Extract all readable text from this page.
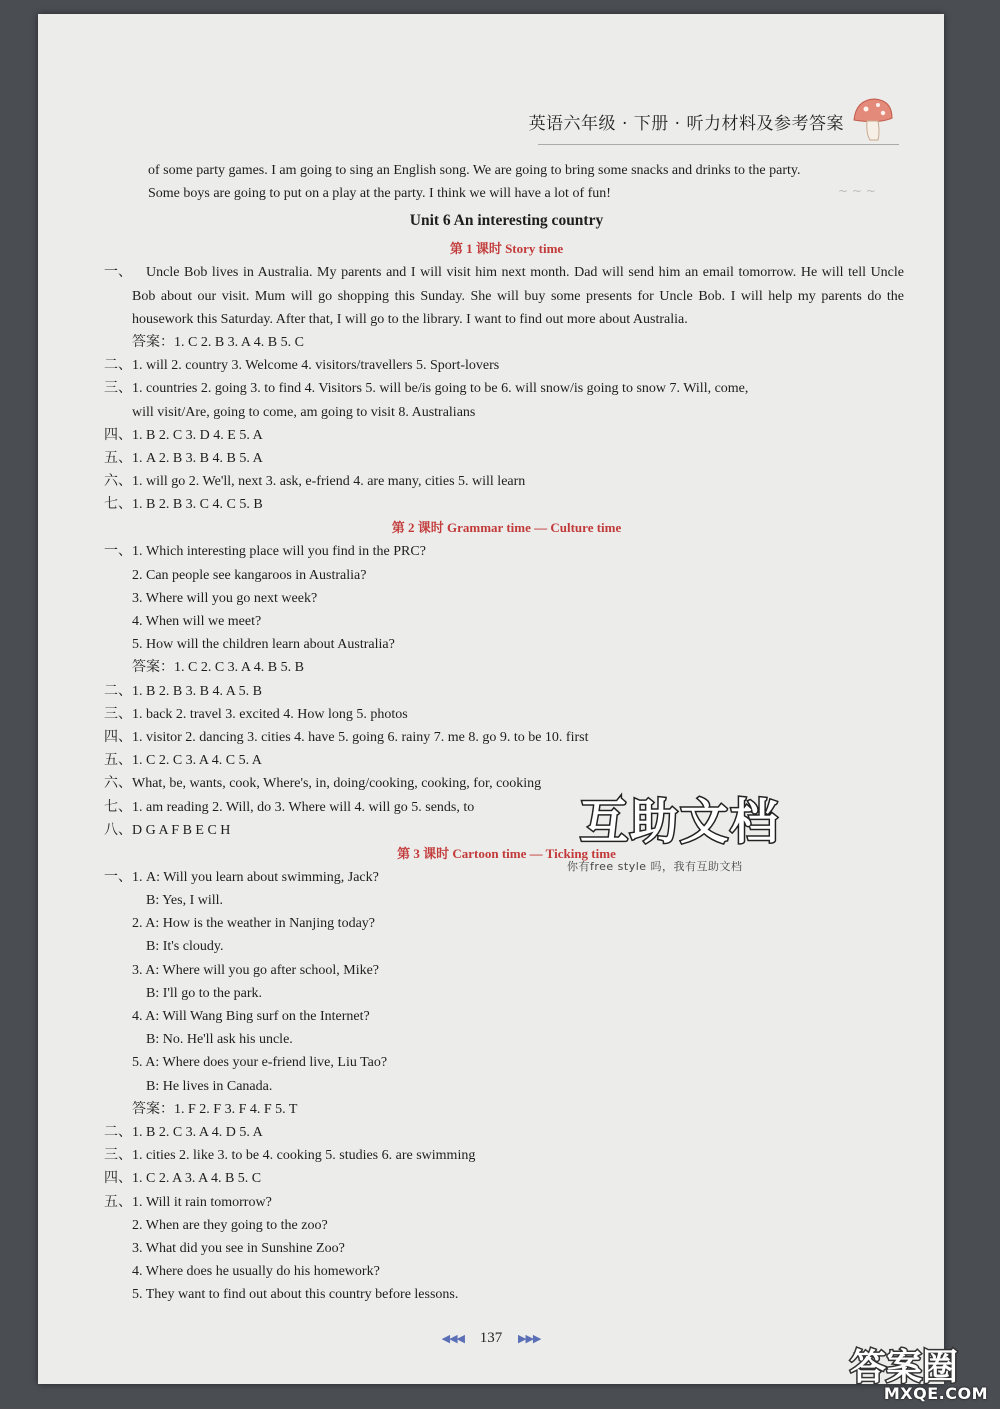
英语六年级 · 下册 · 听力材料及参考答案
~ ~ ~
of some party games. I am going to sing an English song. We are going to bring some snacks and drinks to the party.
Some boys are going to put on a play at the party. I think we will have a lot of fun!
Unit 6 An interesting country
第 1 课时 Story time
一、	Uncle Bob lives in Australia. My parents and I will visit him next month. Dad will send him an email tomorrow. He will tell Uncle Bob about our visit. Mum will go shopping this Sunday. She will buy some presents for Uncle Bob. I will help my parents do the housework this Saturday. After that, I will go to the library. I want to find out more about Australia.
答案：1. C 2. B 3. A 4. B 5. C
二、1. will 2. country 3. Welcome 4. visitors/travellers 5. Sport-lovers
三、1. countries 2. going 3. to find 4. Visitors 5. will be/is going to be 6. will snow/is going to snow 7. Will, come,
will visit/Are, going to come, am going to visit 8. Australians
四、1. B 2. C 3. D 4. E 5. A
五、1. A 2. B 3. B 4. B 5. A
六、1. will go 2. We'll, next 3. ask, e-friend 4. are many, cities 5. will learn
七、1. B 2. B 3. C 4. C 5. B
第 2 课时 Grammar time — Culture time
一、1. Which interesting place will you find in the PRC?
2. Can people see kangaroos in Australia?
3. Where will you go next week?
4. When will we meet?
5. How will the children learn about Australia?
答案：1. C 2. C 3. A 4. B 5. B
二、1. B 2. B 3. B 4. A 5. B
三、1. back 2. travel 3. excited 4. How long 5. photos
四、1. visitor 2. dancing 3. cities 4. have 5. going 6. rainy 7. me 8. go 9. to be 10. first
五、1. C 2. C 3. A 4. C 5. A
六、What, be, wants, cook, Where's, in, doing/cooking, cooking, for, cooking
七、1. am reading 2. Will, do 3. Where will 4. will go 5. sends, to
八、D G A F B E C H
第 3 课时 Cartoon time — Ticking time
一、1. A: Will you learn about swimming, Jack?
B: Yes, I will.
2. A: How is the weather in Nanjing today?
B: It's cloudy.
3. A: Where will you go after school, Mike?
B: I'll go to the park.
4. A: Will Wang Bing surf on the Internet?
B: No. He'll ask his uncle.
5. A: Where does your e-friend live, Liu Tao?
B: He lives in Canada.
答案：1. F 2. F 3. F 4. F 5. T
二、1. B 2. C 3. A 4. D 5. A
三、1. cities 2. like 3. to be 4. cooking 5. studies 6. are swimming
四、1. C 2. A 3. A 4. B 5. C
五、1. Will it rain tomorrow?
2. When are they going to the zoo?
3. What did you see in Sunshine Zoo?
4. Where does he usually do his homework?
5. They want to find out about this country before lessons.
◀◀◀ 137 ▶▶▶
互助文档
你有free style 吗，我有互助文档
答案圈
MXQE.COM
